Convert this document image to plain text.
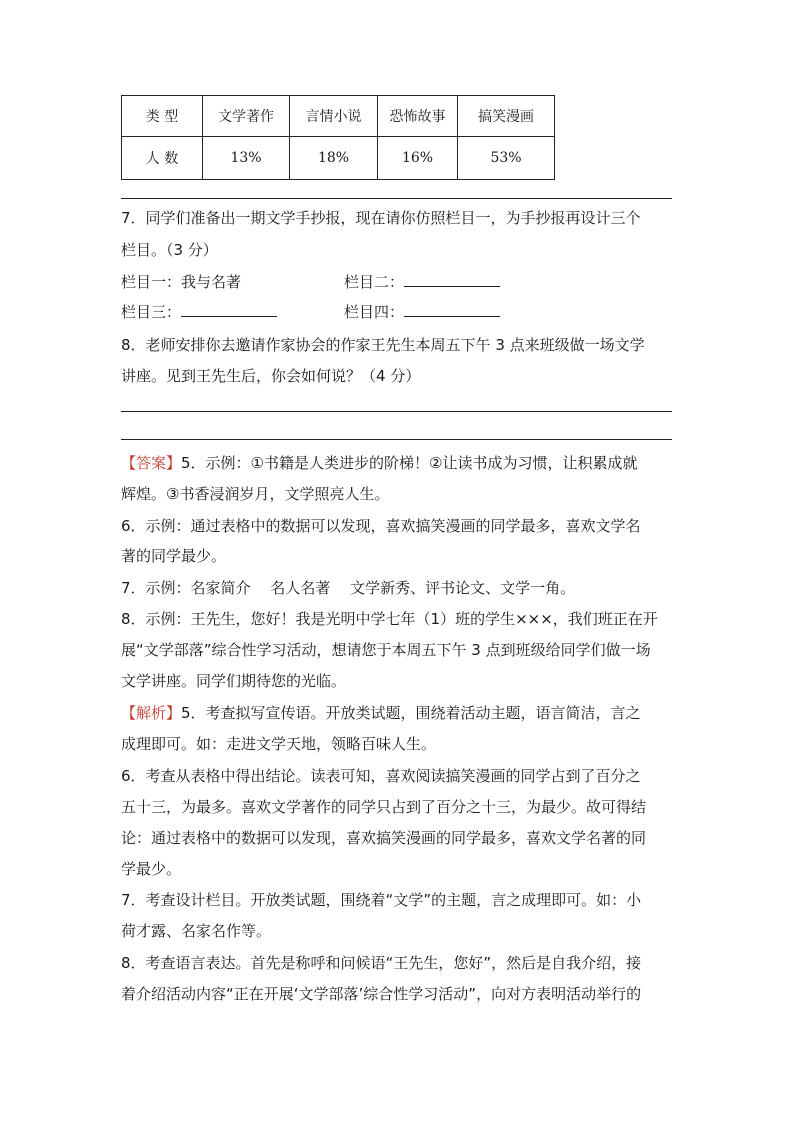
类 型	文学著作	言情小说	恐怖故事	搞笑漫画
人 数	13%	18%	16%	53%
7．同学们准备出一期文学手抄报，现在请你仿照栏目一，为手抄报再设计三个
栏目。（3 分）
栏目一：我与名著	栏目二：
栏目三：	栏目四：
8．老师安排你去邀请作家协会的作家王先生本周五下午 3 点来班级做一场文学
讲座。见到王先生后，你会如何说？（4 分）
【答案】5．示例：①书籍是人类进步的阶梯！②让读书成为习惯，让积累成就
辉煌。③书香浸润岁月，文学照亮人生。
6．示例：通过表格中的数据可以发现，喜欢搞笑漫画的同学最多，喜欢文学名
著的同学最少。
7．示例：名家简介　 名人名著　 文学新秀、评书论文、文学一角。
8．示例：王先生，您好！我是光明中学七年（1）班的学生×××，我们班正在开
展“文学部落”综合性学习活动，想请您于本周五下午 3 点到班级给同学们做一场
文学讲座。同学们期待您的光临。
【解析】5．考查拟写宣传语。开放类试题，围绕着活动主题，语言简洁，言之
成理即可。如：走进文学天地，领略百味人生。
6．考查从表格中得出结论。读表可知，喜欢阅读搞笑漫画的同学占到了百分之
五十三，为最多。喜欢文学著作的同学只占到了百分之十三，为最少。故可得结
论：通过表格中的数据可以发现，喜欢搞笑漫画的同学最多，喜欢文学名著的同
学最少。
7．考查设计栏目。开放类试题，围绕着“文学”的主题，言之成理即可。如：小
荷才露、名家名作等。
8．考查语言表达。首先是称呼和问候语“王先生，您好”，然后是自我介绍，接
着介绍活动内容“正在开展‘文学部落’综合性学习活动”，向对方表明活动举行的
